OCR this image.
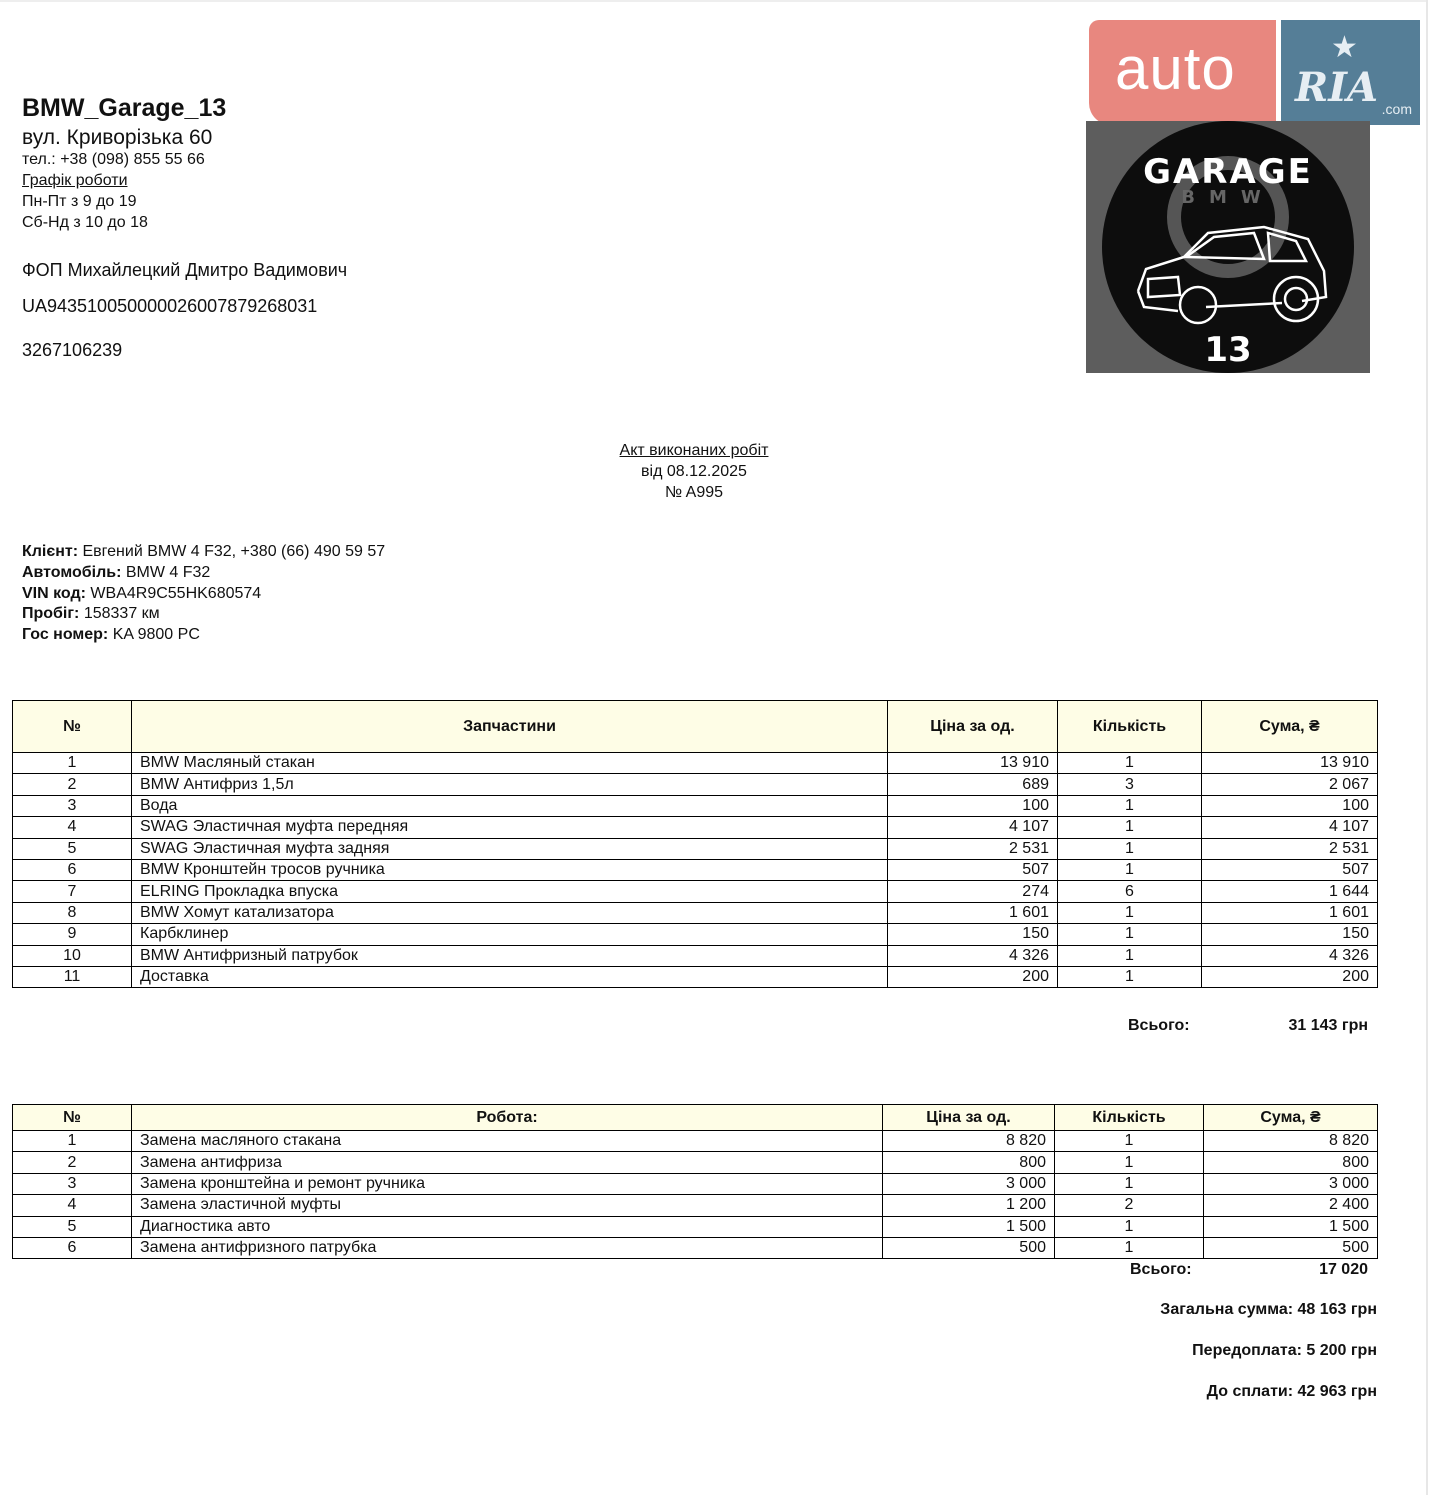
BMW_Garage_13
вул. Криворізька 60
тел.: +38 (098) 855 55 66
Графік роботи
Пн-Пт з 9 до 19
Сб-Нд з 10 до 18
ФОП Михайлецкий Дмитро Вадимович
UA943510050000026007879268031
3267106239
auto	★
RIA .com
GARAGE
BMW
13
Акт виконаних робіт
від 08.12.2025
№ A995
Клієнт: Евгений BMW 4 F32, +380 (66) 490 59 57
Автомобіль: BMW 4 F32
VIN код: WBA4R9C55HK680574
Пробіг: 158337 км
Гос номер: KA 9800 PC
№	Запчастини	Ціна за од.	Кількість	Сума, ₴
1	BMW Масляный стакан	13 910	1	13 910
2	BMW Антифриз 1,5л	689	3	2 067
3	Вода	100	1	100
4	SWAG Эластичная муфта передняя	4 107	1	4 107
5	SWAG Эластичная муфта задняя	2 531	1	2 531
6	BMW Кронштейн тросов ручника	507	1	507
7	ELRING Прокладка впуска	274	6	1 644
8	BMW Хомут катализатора	1 601	1	1 601
9	Карбклинер	150	1	150
10	BMW Антифризный патрубок	4 326	1	4 326
11	Доставка	200	1	200
Всього:	31 143 грн
№	Робота:	Ціна за од.	Кількість	Сума, ₴
1	Замена масляного стакана	8 820	1	8 820
2	Замена антифриза	800	1	800
3	Замена кронштейна и ремонт ручника	3 000	1	3 000
4	Замена эластичной муфты	1 200	2	2 400
5	Диагностика авто	1 500	1	1 500
6	Замена антифризного патрубка	500	1	500
Всього:	17 020
Загальна сумма: 48 163 грн
Передоплата: 5 200 грн
До сплати: 42 963 грн
